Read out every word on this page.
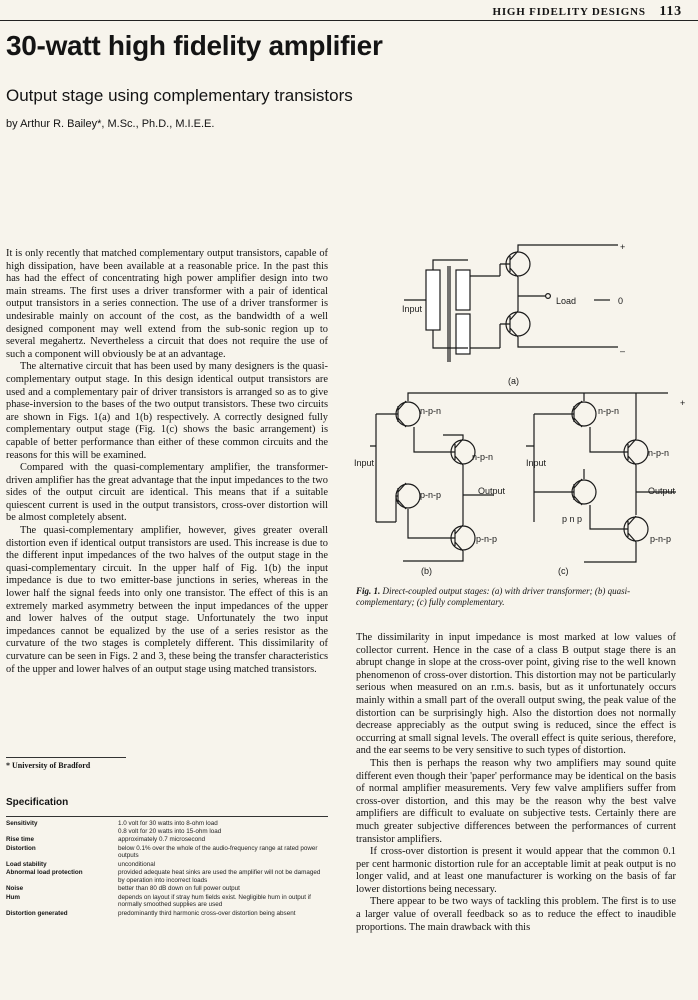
HIGH FIDELITY DESIGNS 113
30-watt high fidelity amplifier
Output stage using complementary transistors
by Arthur R. Bailey*, M.Sc., Ph.D., M.I.E.E.

It is only recently that matched complementary output transistors, capable of high dissipation, have been available at a reasonable price. In the past this has had the effect of concentrating high power amplifier design into two main streams. The first uses a driver transformer with a pair of identical output transistors in a series connection. The use of a driver transformer is undesirable mainly on account of the cost, as the bandwidth of a well designed component may well extend from the sub-sonic region up to several megahertz. Nevertheless a circuit that does not require the use of such a component will obviously be at an advantage.

The alternative circuit that has been used by many designers is the quasi-complementary output stage. In this design identical output transistors are used and a complementary pair of driver transistors is arranged so as to give phase-inversion to the bases of the two output transistors. These two circuits are shown in Figs. 1(a) and 1(b) respectively. A correctly designed fully complementary output stage (Fig. 1(c) shows the basic arrangement) is capable of better performance than either of these common circuits and the reasons for this will be examined.

Compared with the quasi-complementary amplifier, the transformer-driven amplifier has the great advantage that the input impedances to the two sides of the output circuit are identical. This means that if a suitable quiescent current is used in the output transistors, cross-over distortion will be almost completely absent.

The quasi-complementary amplifier, however, gives greater overall distortion even if identical output transistors are used. This increase is due to the different input impedances of the two halves of the output stage in the quasi-complementary circuit. In the upper half of Fig. 1(b) the input impedance is due to two emitter-base junctions in series, whereas in the lower half the signal feeds into only one transistor. The effect of this is an extremely marked asymmetry between the input impedances of the upper and lower halves of the output stage. Unfortunately the two input impedances cannot be equalized by the use of a series resistor as the curvature of the two stages is completely different. This dissimilarity of curvature can be seen in Figs. 2 and 3, these being the transfer characteristics of the upper and lower halves of an output stage using matched transistors.

* University of Bradford
Specification
Sensitivity	1.0 volt for 30 watts into 8-ohm load
0.8 volt for 20 watts into 15-ohm load
Rise time	approximately 0.7 microsecond
Distortion	below 0.1% over the whole of the audio-frequency range at rated power outputs
Load stability	unconditional
Abnormal load protection	provided adequate heat sinks are used the amplifier will not be damaged by operation into incorrect loads
Noise	better than 80 dB down on full power output
Hum	depends on layout if stray hum fields exist. Negligible hum in output if normally smoothed supplies are used
Distortion generated	predominantly third harmonic cross-over distortion being absent
+
Input
Load	0
–
(a)
n-p-n
n-p-n
Input
Output
p-n-p
p-n-p
(b)
+
n-p-n
n-p-n
Input
Output
p n p
p-n-p
(c)
Fig. 1. Direct-coupled output stages: (a) with driver transformer; (b) quasi-complementary; (c) fully complementary.

The dissimilarity in input impedance is most marked at low values of collector current. Hence in the case of a class B output stage there is an abrupt change in slope at the cross-over point, giving rise to the well known phenomenon of cross-over distortion. This distortion may not be particularly serious when measured on an r.m.s. basis, but as it unfortunately occurs mainly within a small part of the overall output swing, the peak value of the distortion can be surprisingly high. Also the distortion does not normally decrease appreciably as the output swing is reduced, since the effect is occurring at small signal levels. The overall effect is quite serious, therefore, and the ear seems to be very sensitive to such types of distortion.

This then is perhaps the reason why two amplifiers may sound quite different even though their 'paper' performance may be identical on the basis of normal amplifier measurements. Very few valve amplifiers suffer from cross-over distortion, and this may be the reason why the best valve amplifiers are difficult to evaluate on subjective tests. Certainly there are much greater subjective differences between the performances of current transistor amplifiers.

If cross-over distortion is present it would appear that the common 0.1 per cent harmonic distortion rule for an acceptable limit at peak output is no longer valid, and at least one manufacturer is working on the basis of far lower distortions being necessary.

There appear to be two ways of tackling this problem. The first is to use a larger value of overall feedback so as to reduce the effect to inaudible proportions. The main drawback with this
